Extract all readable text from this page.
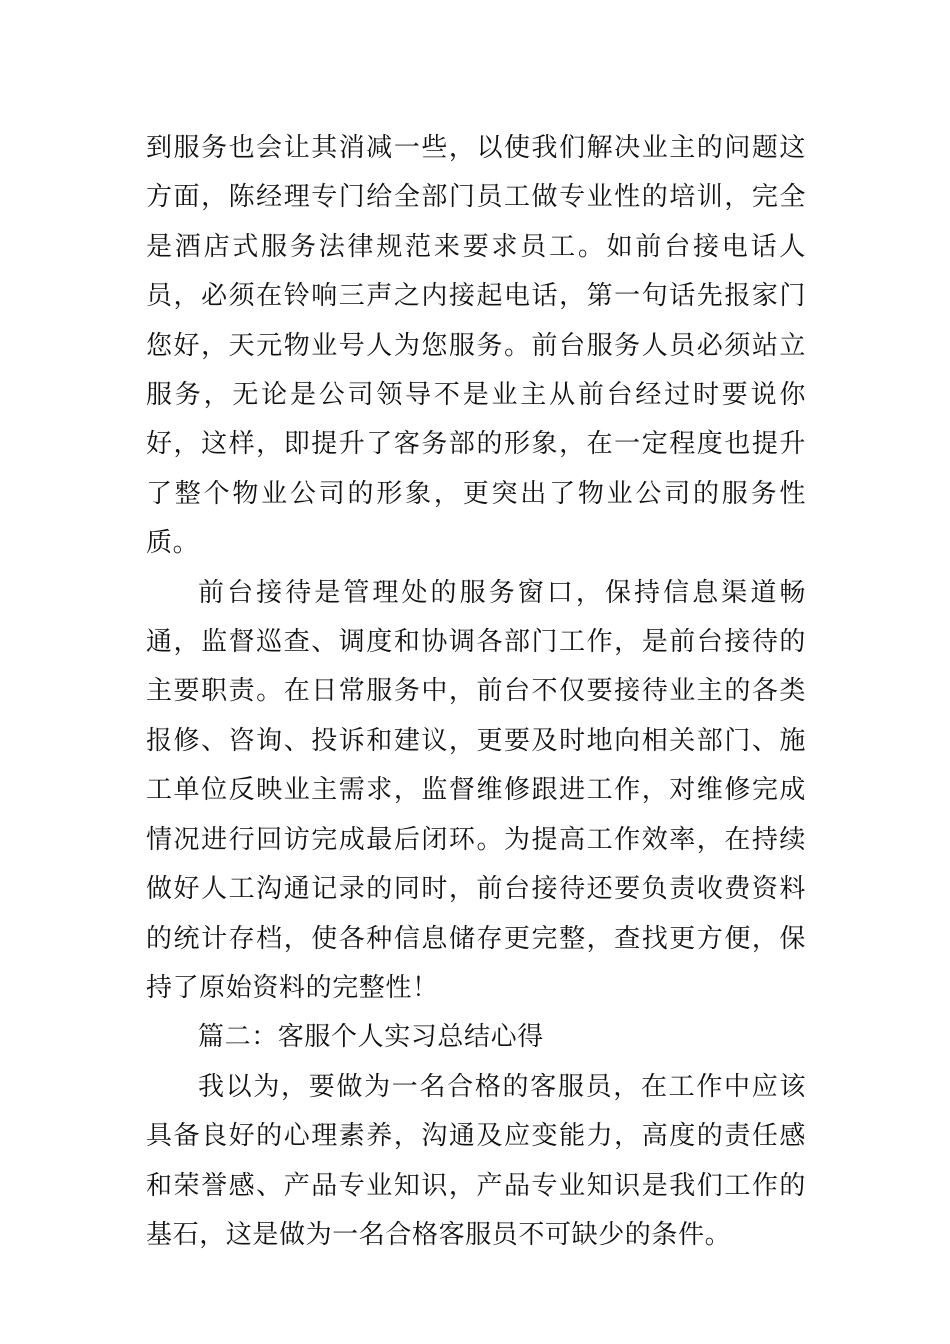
到服务也会让其消减一些，以使我们解决业主的问题这方面，陈经理专门给全部门员工做专业性的培训，完全是酒店式服务法律规范来要求员工。如前台接电话人员，必须在铃响三声之内接起电话，第一句话先报家门您好，天元物业号人为您服务。前台服务人员必须站立服务，无论是公司领导不是业主从前台经过时要说你好，这样，即提升了客务部的形象，在一定程度也提升了整个物业公司的形象，更突出了物业公司的服务性质。

前台接待是管理处的服务窗口，保持信息渠道畅通，监督巡查、调度和协调各部门工作，是前台接待的主要职责。在日常服务中，前台不仅要接待业主的各类报修、咨询、投诉和建议，更要及时地向相关部门、施工单位反映业主需求，监督维修跟进工作，对维修完成情况进行回访完成最后闭环。为提高工作效率，在持续做好人工沟通记录的同时，前台接待还要负责收费资料的统计存档，使各种信息储存更完整，查找更方便，保持了原始资料的完整性！

篇二：客服个人实习总结心得

我以为，要做为一名合格的客服员，在工作中应该具备良好的心理素养，沟通及应变能力，高度的责任感和荣誉感、产品专业知识，产品专业知识是我们工作的基石，这是做为一名合格客服员不可缺少的条件。
